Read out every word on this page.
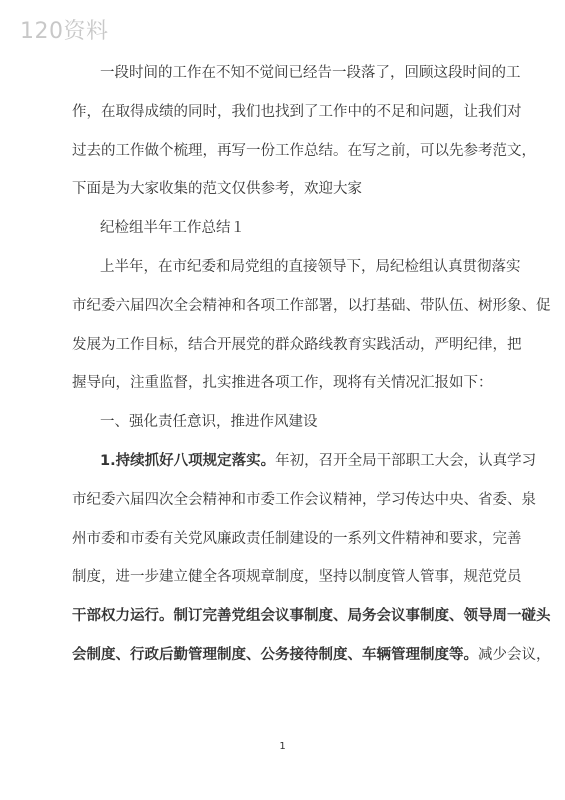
120资料
一段时间的工作在不知不觉间已经告一段落了，回顾这段时间的工
作，在取得成绩的同时，我们也找到了工作中的不足和问题，让我们对
过去的工作做个梳理，再写一份工作总结。在写之前，可以先参考范文，
下面是为大家收集的范文仅供参考，欢迎大家
纪检组半年工作总结１
上半年，在市纪委和局党组的直接领导下，局纪检组认真贯彻落实
市纪委六届四次全会精神和各项工作部署，以打基础、带队伍、树形象、促
发展为工作目标，结合开展党的群众路线教育实践活动，严明纪律，把
握导向，注重监督，扎实推进各项工作，现将有关情况汇报如下：
一、强化责任意识，推进作风建设
1.持续抓好八项规定落实。年初，召开全局干部职工大会，认真学习
市纪委六届四次全会精神和市委工作会议精神，学习传达中央、省委、泉
州市委和市委有关党风廉政责任制建设的一系列文件精神和要求，完善
制度，进一步建立健全各项规章制度，坚持以制度管人管事，规范党员
干部权力运行。制订完善党组会议事制度、局务会议事制度、领导周一碰头
会制度、行政后勤管理制度、公务接待制度、车辆管理制度等。减少会议，
1
